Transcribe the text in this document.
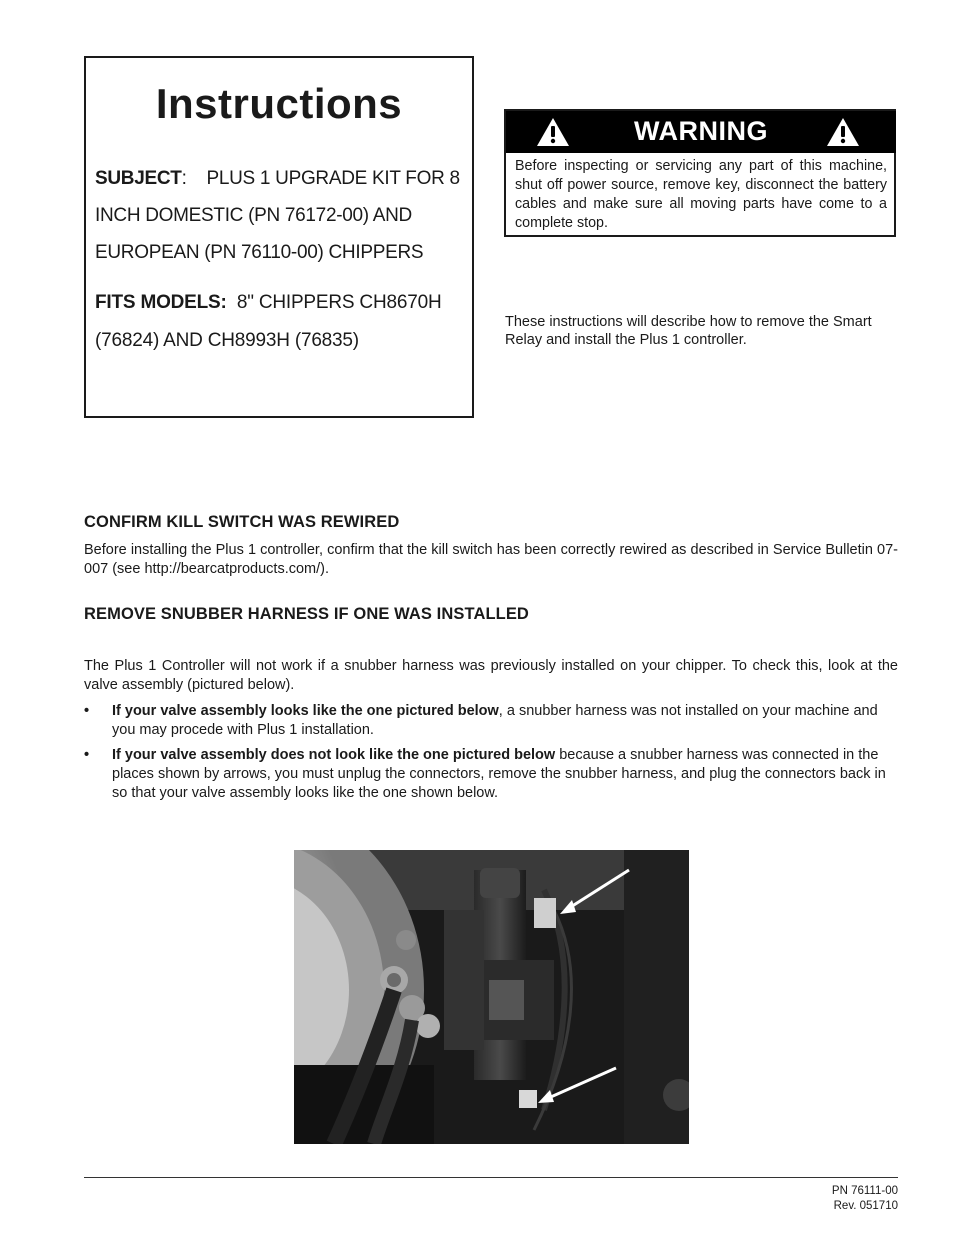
Instructions
SUBJECT: PLUS 1 UPGRADE KIT FOR 8 INCH DOMESTIC (PN 76172-00) AND EUROPEAN (PN 76110-00) CHIPPERS
FITS MODELS: 8" CHIPPERS CH8670H (76824) AND CH8993H (76835)
WARNING
Before inspecting or servicing any part of this machine, shut off power source, remove key, disconnect the battery cables and make sure all moving parts have come to a complete stop.
These instructions will describe how to remove the Smart Relay and install the Plus 1 controller.
CONFIRM KILL SWITCH WAS REWIRED

Before installing the Plus 1 controller, confirm that the kill switch has been correctly rewired as described in Service Bulletin 07-007 (see http://bearcatproducts.com/).

REMOVE SNUBBER HARNESS IF ONE WAS INSTALLED

The Plus 1 Controller will not work if a snubber harness was previously installed on your chipper. To check this, look at the valve assembly (pictured below).

• If your valve assembly looks like the one pictured below, a snubber harness was not installed on your machine and you may procede with Plus 1 installation.
• If your valve assembly does not look like the one pictured below because a snubber harness was connected in the places shown by arrows, you must unplug the connectors, remove the snubber harness, and plug the connectors back in so that your valve assembly looks like the one shown below.
PN 76111-00
Rev. 051710
